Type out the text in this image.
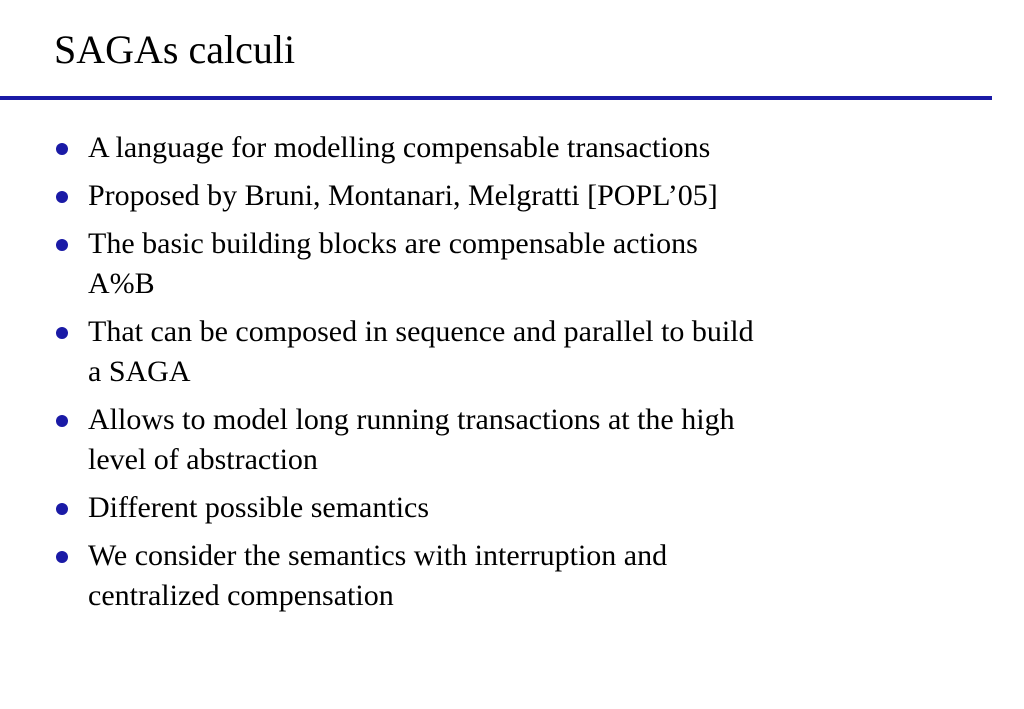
SAGAs calculi
A language for modelling compensable transactions
Proposed by Bruni, Montanari, Melgratti [POPL’05]
The basic building blocks are compensable actions
A%B
That can be composed in sequence and parallel to build
a SAGA
Allows to model long running transactions at the high
level of abstraction
Different possible semantics
We consider the semantics with interruption and
centralized compensation
